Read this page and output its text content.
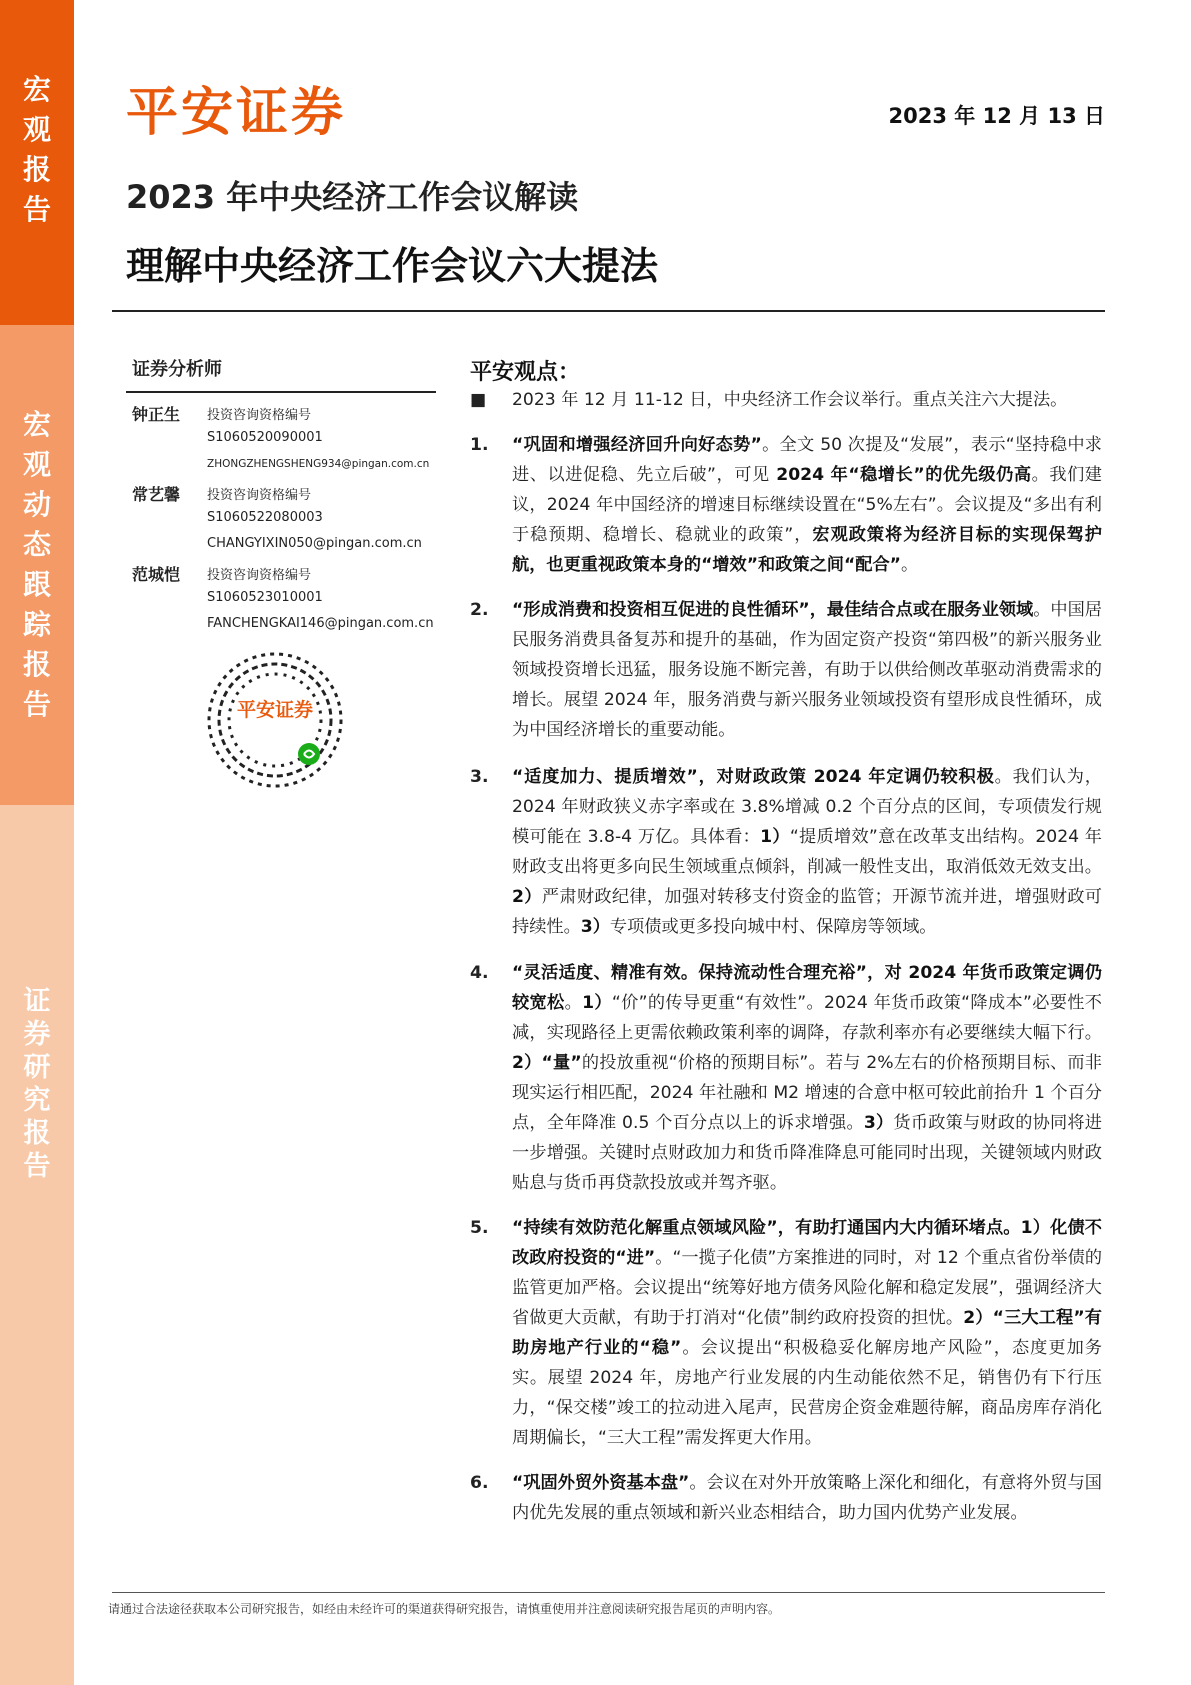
宏
观
报
告
宏
观
动
态
跟
踪
报
告
证
券
研
究
报
告
平安证券	2023 年 12 月 13 日
2023 年中央经济工作会议解读
理解中央经济工作会议六大提法
证券分析师
钟正生 投资咨询资格编号
S1060520090001
ZHONGZHENGSHENG934@pingan.com.cn
常艺馨 投资咨询资格编号
S1060522080003
CHANGYIXIN050@pingan.com.cn
范城恺 投资咨询资格编号
S1060523010001
FANCHENGKAI146@pingan.com.cn
平安证券
平安观点：
■ 2023 年 12 月 11-12 日，中央经济工作会议举行。重点关注六大提法。
1. “巩固和增强经济回升向好态势”。全文 50 次提及“发展”，表示“坚持稳中求进、以进促稳、先立后破”，可见 2024 年“稳增长”的优先级仍高。我们建议，2024 年中国经济的增速目标继续设置在“5%左右”。会议提及“多出有利于稳预期、稳增长、稳就业的政策”，宏观政策将为经济目标的实现保驾护航，也更重视政策本身的“增效”和政策之间“配合”。
2. “形成消费和投资相互促进的良性循环”，最佳结合点或在服务业领域。中国居民服务消费具备复苏和提升的基础，作为固定资产投资“第四极”的新兴服务业领域投资增长迅猛，服务设施不断完善，有助于以供给侧改革驱动消费需求的增长。展望 2024 年，服务消费与新兴服务业领域投资有望形成良性循环，成为中国经济增长的重要动能。
3. “适度加力、提质增效”，对财政政策 2024 年定调仍较积极。我们认为，2024 年财政狭义赤字率或在 3.8%增减 0.2 个百分点的区间，专项债发行规模可能在 3.8-4 万亿。具体看：1）“提质增效”意在改革支出结构。2024 年财政支出将更多向民生领域重点倾斜，削减一般性支出，取消低效无效支出。2）严肃财政纪律，加强对转移支付资金的监管；开源节流并进，增强财政可持续性。3）专项债或更多投向城中村、保障房等领域。
4. “灵活适度、精准有效。保持流动性合理充裕”，对 2024 年货币政策定调仍较宽松。1）“价”的传导更重“有效性”。2024 年货币政策“降成本”必要性不减，实现路径上更需依赖政策利率的调降，存款利率亦有必要继续大幅下行。2）“量”的投放重视“价格的预期目标”。若与 2%左右的价格预期目标、而非现实运行相匹配，2024 年社融和 M2 增速的合意中枢可较此前抬升 1 个百分点，全年降准 0.5 个百分点以上的诉求增强。3）货币政策与财政的协同将进一步增强。关键时点财政加力和货币降准降息可能同时出现，关键领域内财政贴息与货币再贷款投放或并驾齐驱。
5. “持续有效防范化解重点领域风险”，有助打通国内大内循环堵点。1）化债不改政府投资的“进”。“一揽子化债”方案推进的同时，对 12 个重点省份举债的监管更加严格。会议提出“统筹好地方债务风险化解和稳定发展”，强调经济大省做更大贡献，有助于打消对“化债”制约政府投资的担忧。2）“三大工程”有助房地产行业的“稳”。会议提出“积极稳妥化解房地产风险”，态度更加务实。展望 2024 年，房地产行业发展的内生动能依然不足，销售仍有下行压力，“保交楼”竣工的拉动进入尾声，民营房企资金难题待解，商品房库存消化周期偏长，“三大工程”需发挥更大作用。
6. “巩固外贸外资基本盘”。会议在对外开放策略上深化和细化，有意将外贸与国内优先发展的重点领域和新兴业态相结合，助力国内优势产业发展。
请通过合法途径获取本公司研究报告，如经由未经许可的渠道获得研究报告，请慎重使用并注意阅读研究报告尾页的声明内容。
